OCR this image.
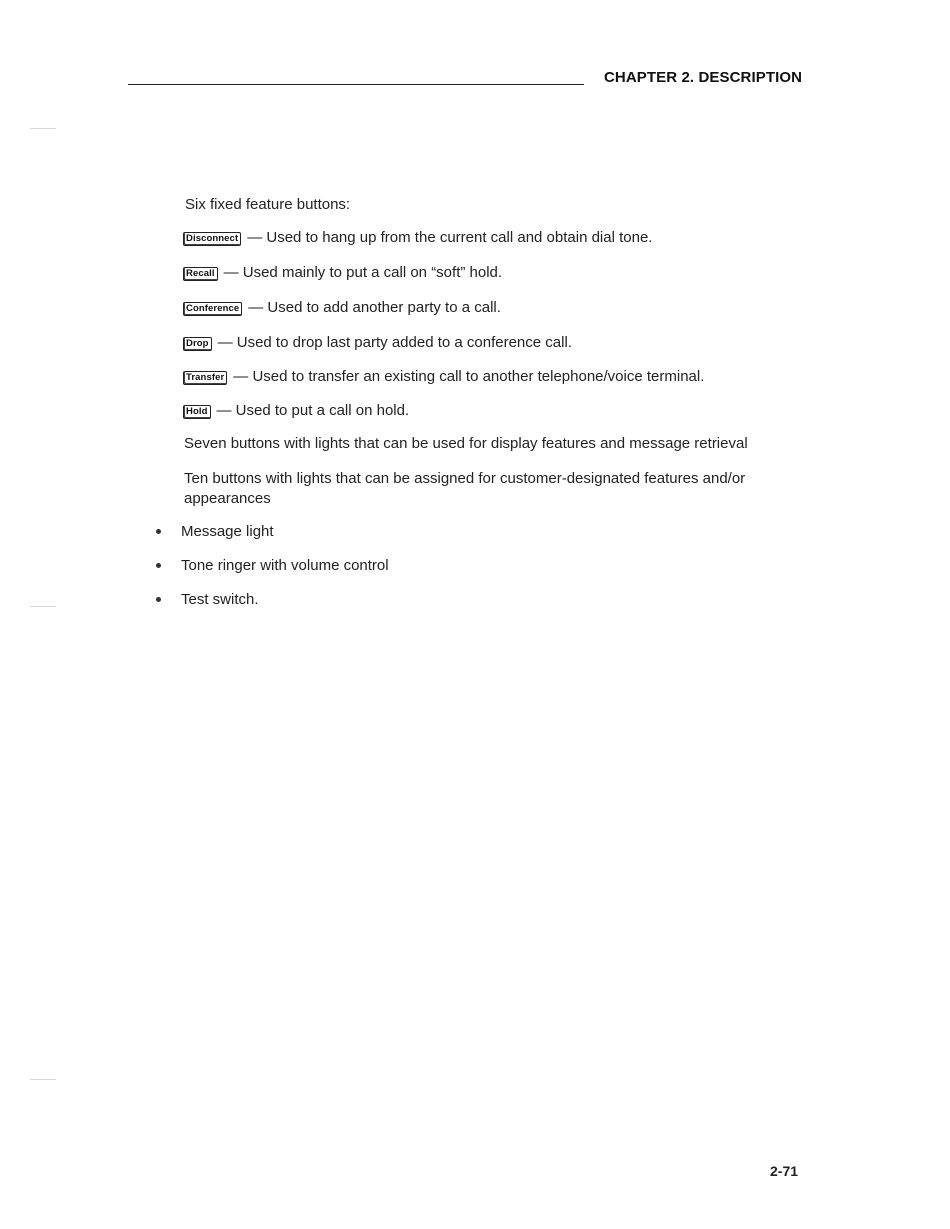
CHAPTER 2. DESCRIPTION
Six fixed feature buttons:
Disconnect — Used to hang up from the current call and obtain dial tone.
Recall — Used mainly to put a call on “soft” hold.
Conference — Used to add another party to a call.
Drop — Used to drop last party added to a conference call.
Transfer — Used to transfer an existing call to another telephone/voice terminal.
Hold — Used to put a call on hold.
Seven buttons with lights that can be used for display features and message retrieval
Ten buttons with lights that can be assigned for customer-designated features and/or appearances
Message light
Tone ringer with volume control
Test switch.
2-71
